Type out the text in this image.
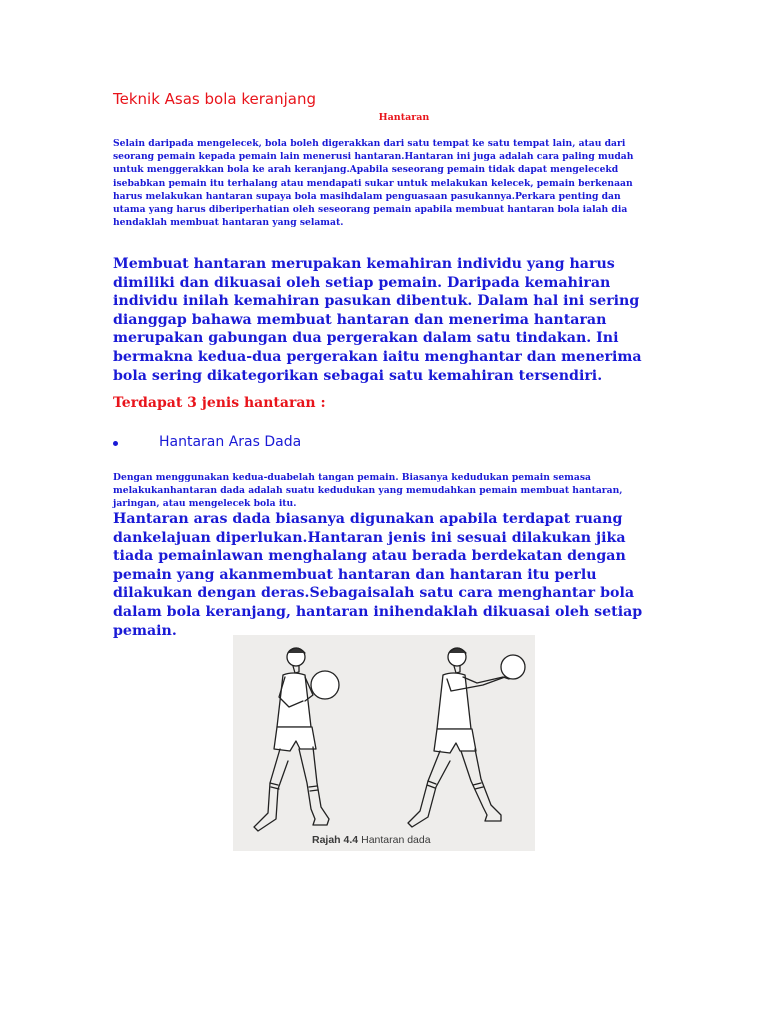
Teknik Asas bola keranjang

Hantaran

Selain daripada mengelecek, bola boleh digerakkan dari satu tempat ke satu tempat lain, atau dari seorang pemain kepada pemain lain menerusi hantaran.Hantaran ini juga adalah cara paling mudah untuk menggerakkan bola ke arah keranjang.Apabila seseorang pemain tidak dapat mengelecekd isebabkan pemain itu terhalang atau mendapati sukar untuk melakukan kelecek, pemain berkenaan harus melakukan hantaran supaya bola masihdalam penguasaan pasukannya.Perkara penting dan utama yang harus diberiperhatian oleh seseorang pemain apabila membuat hantaran bola ialah dia hendaklah membuat hantaran yang selamat.

Membuat hantaran merupakan kemahiran individu yang harus dimiliki dan dikuasai oleh setiap pemain. Daripada kemahiran individu inilah kemahiran pasukan dibentuk. Dalam hal ini sering dianggap bahawa membuat hantaran dan menerima hantaran merupakan gabungan dua pergerakan dalam satu tindakan. Ini bermakna kedua-dua pergerakan iaitu menghantar dan menerima bola sering dikategorikan sebagai satu kemahiran tersendiri.

Terdapat 3 jenis hantaran :
Hantaran Aras Dada

Dengan menggunakan kedua-duabelah tangan pemain. Biasanya kedudukan pemain semasa melakukanhantaran dada adalah suatu kedudukan yang memudahkan pemain membuat hantaran, jaringan, atau mengelecek bola itu.

Hantaran aras dada biasanya digunakan apabila terdapat ruang dankelajuan diperlukan.Hantaran jenis ini sesuai dilakukan jika tiada pemainlawan menghalang atau berada berdekatan dengan pemain yang akanmembuat hantaran dan hantaran itu perlu dilakukan dengan deras.Sebagaisalah satu cara menghantar bola dalam bola keranjang, hantaran inihendaklah dikuasai oleh setiap pemain.

Rajah 4.4 Hantaran dada
